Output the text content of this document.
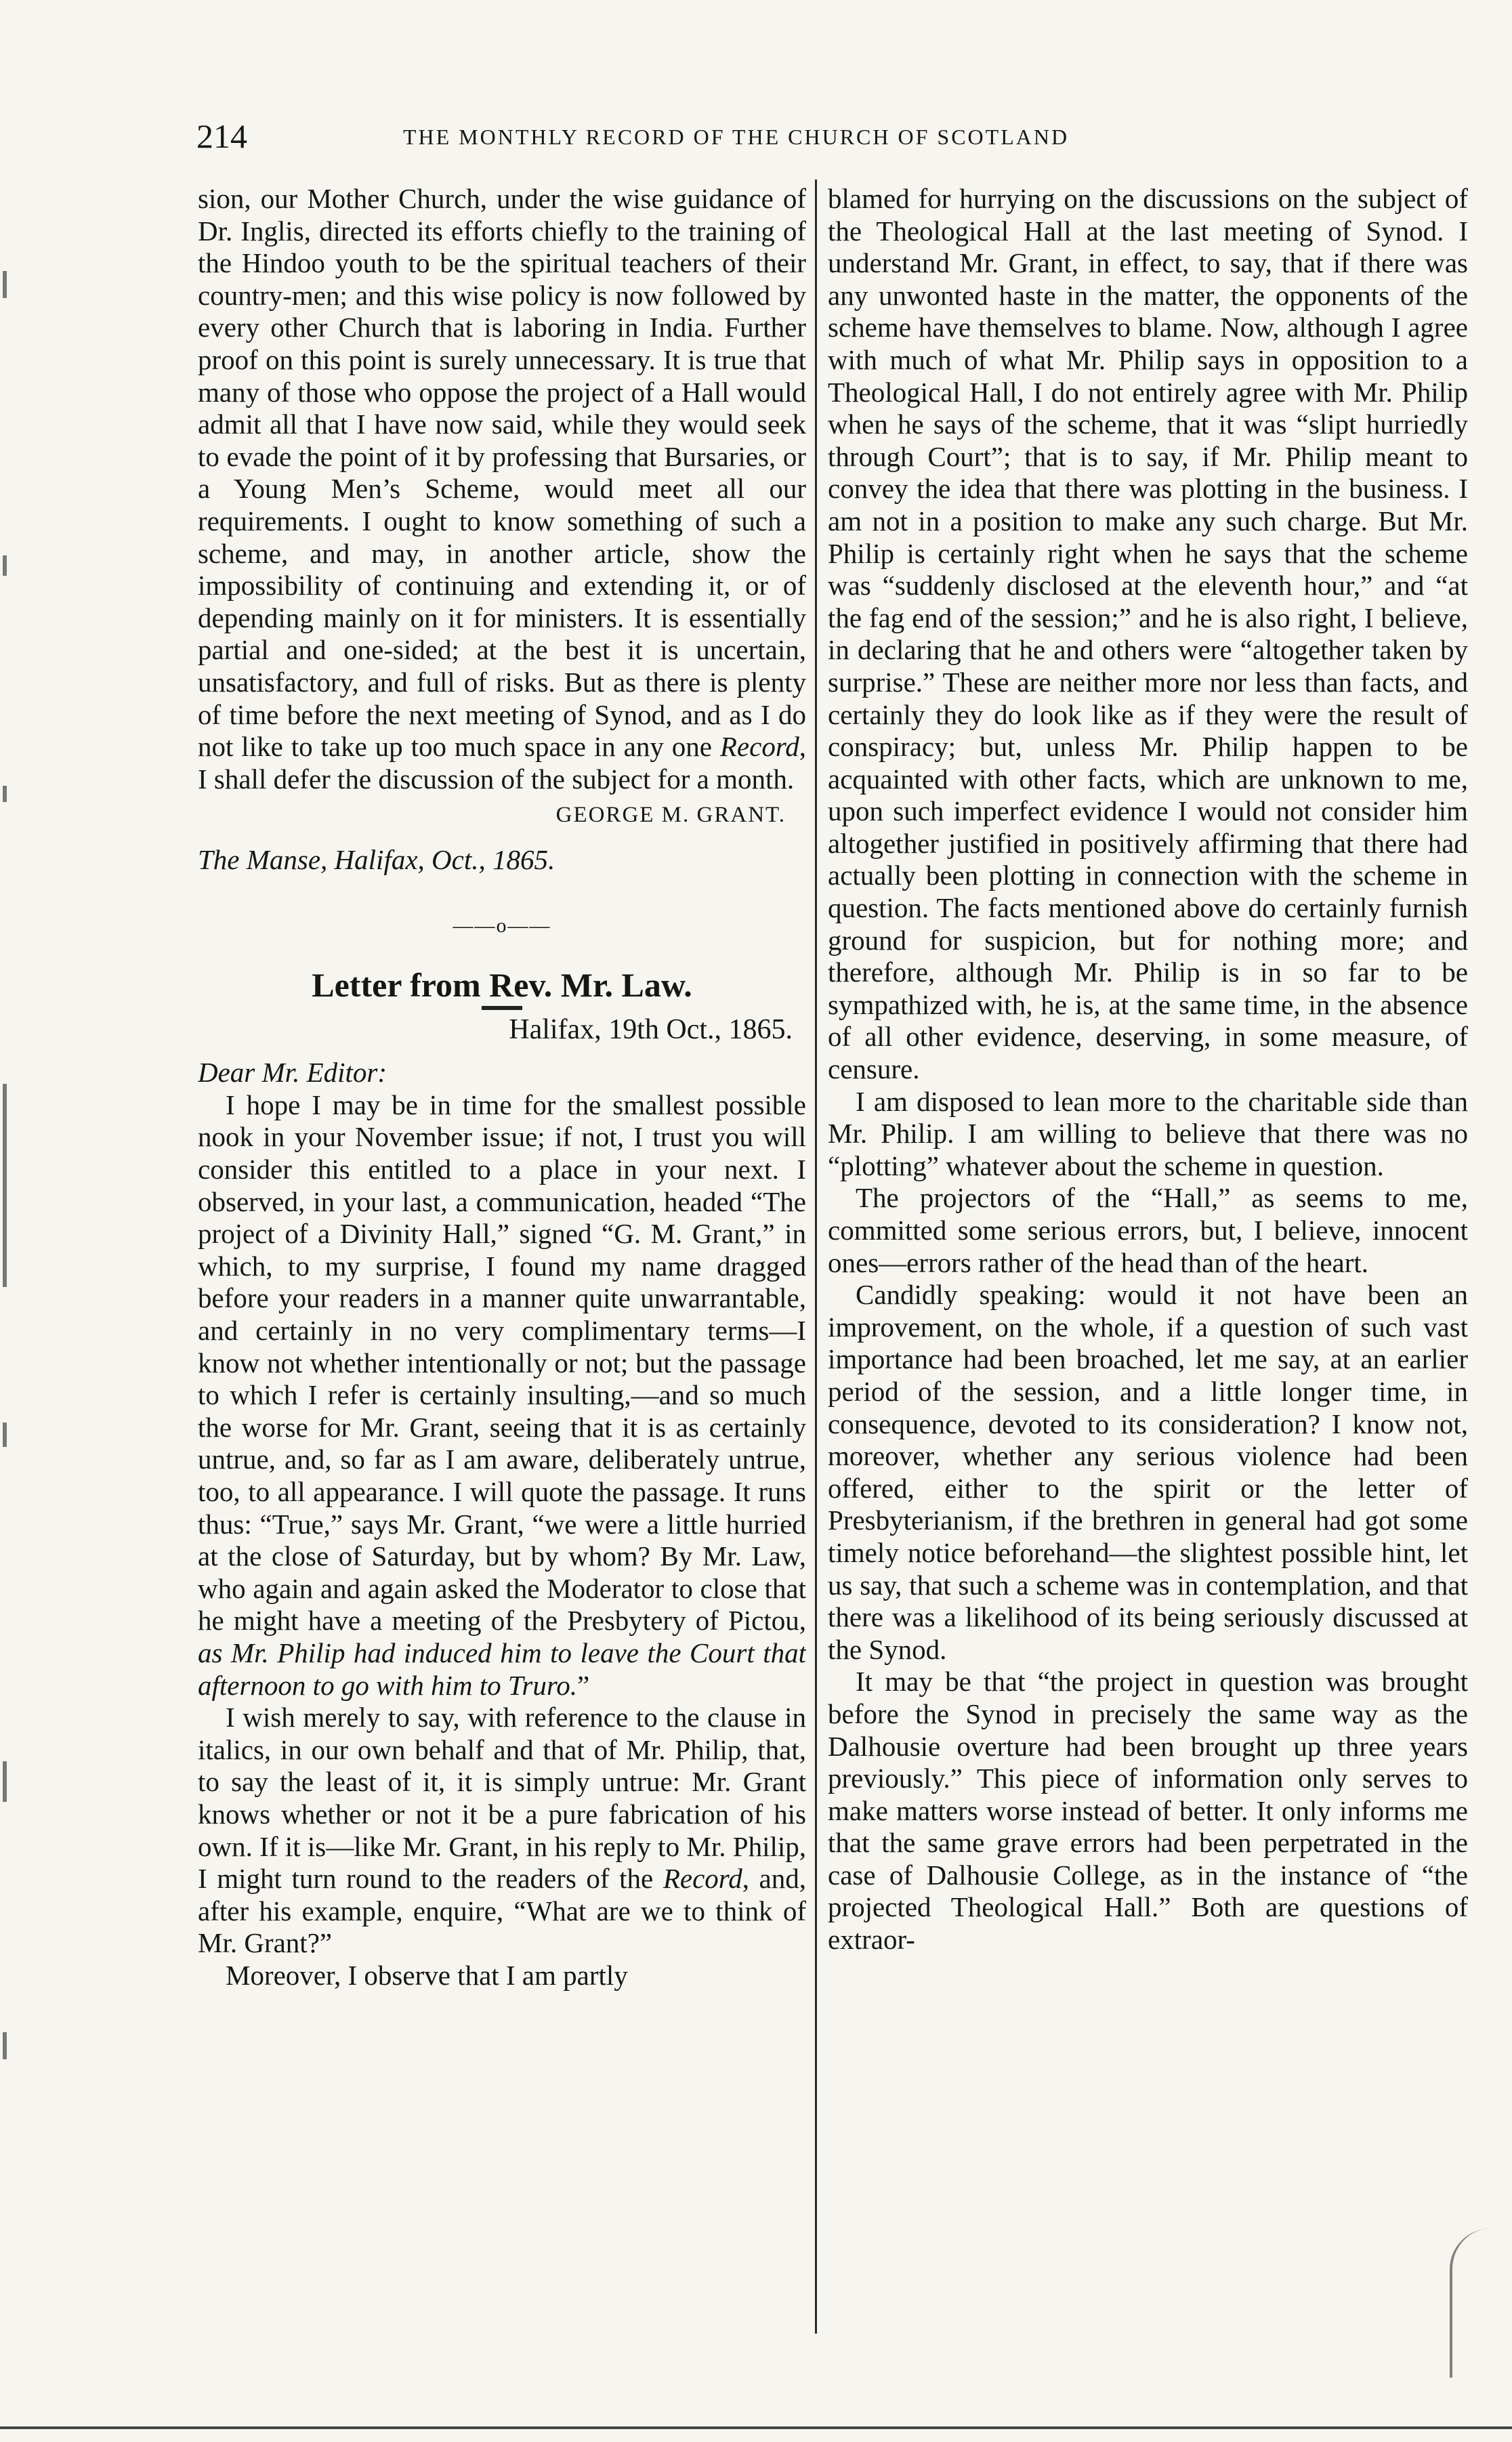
214	THE MONTHLY RECORD OF THE CHURCH OF SCOTLAND

sion, our Mother Church, under the wise guidance of Dr. Inglis, directed its efforts chiefly to the training of the Hindoo youth to be the spiritual teachers of their country-men; and this wise policy is now followed by every other Church that is laboring in India. Further proof on this point is surely unnecessary. It is true that many of those who oppose the project of a Hall would admit all that I have now said, while they would seek to evade the point of it by professing that Bursaries, or a Young Men’s Scheme, would meet all our requirements. I ought to know something of such a scheme, and may, in another article, show the impossibility of continuing and extending it, or of depending mainly on it for ministers. It is essentially partial and one-sided; at the best it is uncertain, unsatisfactory, and full of risks. But as there is plenty of time before the next meeting of Synod, and as I do not like to take up too much space in any one Record, I shall defer the discussion of the subject for a month.

GEORGE M. GRANT.

The Manse, Halifax, Oct., 1865.

——o——

Letter from Rev. Mr. Law.

Halifax, 19th Oct., 1865.

Dear Mr. Editor:

I hope I may be in time for the smallest possible nook in your November issue; if not, I trust you will consider this entitled to a place in your next. I observed, in your last, a communication, headed “The project of a Divinity Hall,” signed “G. M. Grant,” in which, to my surprise, I found my name dragged before your readers in a manner quite unwarrantable, and certainly in no very complimentary terms—I know not whether intentionally or not; but the passage to which I refer is certainly insulting,—and so much the worse for Mr. Grant, seeing that it is as certainly untrue, and, so far as I am aware, deliberately untrue, too, to all appearance. I will quote the passage. It runs thus: “True,” says Mr. Grant, “we were a little hurried at the close of Saturday, but by whom? By Mr. Law, who again and again asked the Moderator to close that he might have a meeting of the Presbytery of Pictou, as Mr. Philip had induced him to leave the Court that afternoon to go with him to Truro.”

I wish merely to say, with reference to the clause in italics, in our own behalf and that of Mr. Philip, that, to say the least of it, it is simply untrue: Mr. Grant knows whether or not it be a pure fabrication of his own. If it is—like Mr. Grant, in his reply to Mr. Philip, I might turn round to the readers of the Record, and, after his example, enquire, “What are we to think of Mr. Grant?”

Moreover, I observe that I am partly

blamed for hurrying on the discussions on the subject of the Theological Hall at the last meeting of Synod. I understand Mr. Grant, in effect, to say, that if there was any unwonted haste in the matter, the opponents of the scheme have themselves to blame. Now, although I agree with much of what Mr. Philip says in opposition to a Theological Hall, I do not entirely agree with Mr. Philip when he says of the scheme, that it was “slipt hurriedly through Court”; that is to say, if Mr. Philip meant to convey the idea that there was plotting in the business. I am not in a position to make any such charge. But Mr. Philip is certainly right when he says that the scheme was “suddenly disclosed at the eleventh hour,” and “at the fag end of the session;” and he is also right, I believe, in declaring that he and others were “altogether taken by surprise.” These are neither more nor less than facts, and certainly they do look like as if they were the result of conspiracy; but, unless Mr. Philip happen to be acquainted with other facts, which are unknown to me, upon such imperfect evidence I would not consider him altogether justified in positively affirming that there had actually been plotting in connection with the scheme in question. The facts mentioned above do certainly furnish ground for suspicion, but for nothing more; and therefore, although Mr. Philip is in so far to be sympathized with, he is, at the same time, in the absence of all other evidence, deserving, in some measure, of censure.

I am disposed to lean more to the charitable side than Mr. Philip. I am willing to believe that there was no “plotting” whatever about the scheme in question.

The projectors of the “Hall,” as seems to me, committed some serious errors, but, I believe, innocent ones—errors rather of the head than of the heart.

Candidly speaking: would it not have been an improvement, on the whole, if a question of such vast importance had been broached, let me say, at an earlier period of the session, and a little longer time, in consequence, devoted to its consideration? I know not, moreover, whether any serious violence had been offered, either to the spirit or the letter of Presbyterianism, if the brethren in general had got some timely notice beforehand—the slightest possible hint, let us say, that such a scheme was in contemplation, and that there was a likelihood of its being seriously discussed at the Synod.

It may be that “the project in question was brought before the Synod in precisely the same way as the Dalhousie overture had been brought up three years previously.” This piece of information only serves to make matters worse instead of better. It only informs me that the same grave errors had been perpetrated in the case of Dalhousie College, as in the instance of “the projected Theological Hall.” Both are questions of extraor-
